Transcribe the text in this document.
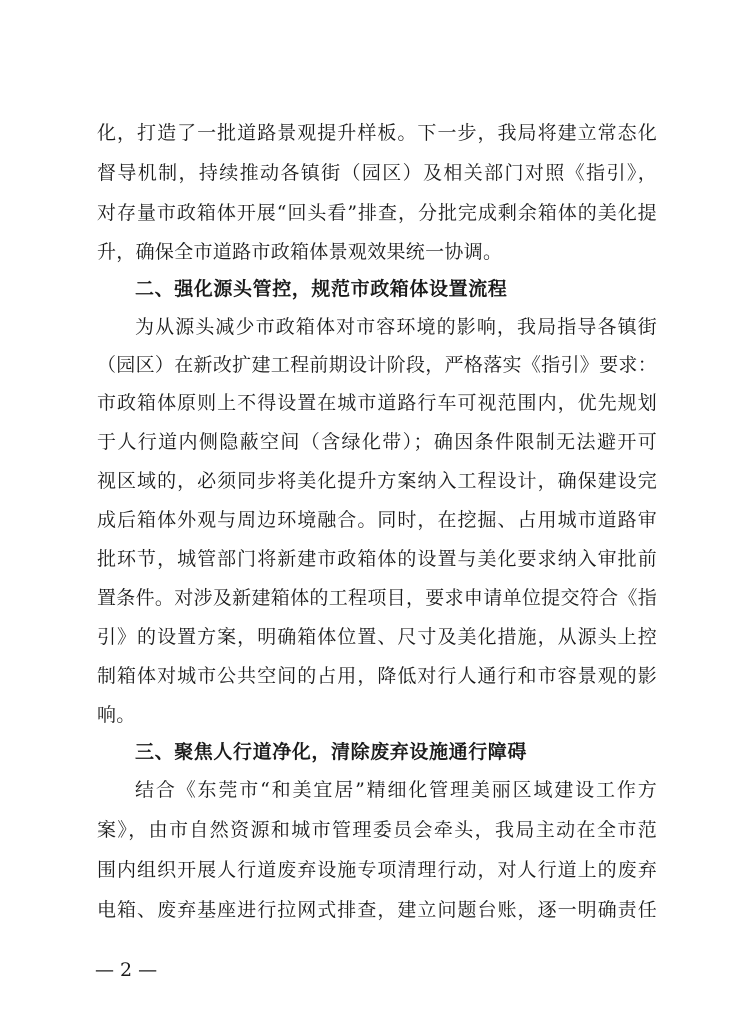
化，打造了一批道路景观提升样板。下一步，我局将建立常态化
督导机制，持续推动各镇街（园区）及相关部门对照《指引》，
对存量市政箱体开展“回头看”排查，分批完成剩余箱体的美化提
升，确保全市道路市政箱体景观效果统一协调。
二、强化源头管控，规范市政箱体设置流程
为从源头减少市政箱体对市容环境的影响，我局指导各镇街
（园区）在新改扩建工程前期设计阶段，严格落实《指引》要求：
市政箱体原则上不得设置在城市道路行车可视范围内，优先规划
于人行道内侧隐蔽空间（含绿化带）；确因条件限制无法避开可
视区域的，必须同步将美化提升方案纳入工程设计，确保建设完
成后箱体外观与周边环境融合。同时，在挖掘、占用城市道路审
批环节，城管部门将新建市政箱体的设置与美化要求纳入审批前
置条件。对涉及新建箱体的工程项目，要求申请单位提交符合《指
引》的设置方案，明确箱体位置、尺寸及美化措施，从源头上控
制箱体对城市公共空间的占用，降低对行人通行和市容景观的影
响。
三、聚焦人行道净化，清除废弃设施通行障碍
结合《东莞市“和美宜居”精细化管理美丽区域建设工作方
案》，由市自然资源和城市管理委员会牵头，我局主动在全市范
围内组织开展人行道废弃设施专项清理行动，对人行道上的废弃
电箱、废弃基座进行拉网式排查，建立问题台账，逐一明确责任
— 2 —
